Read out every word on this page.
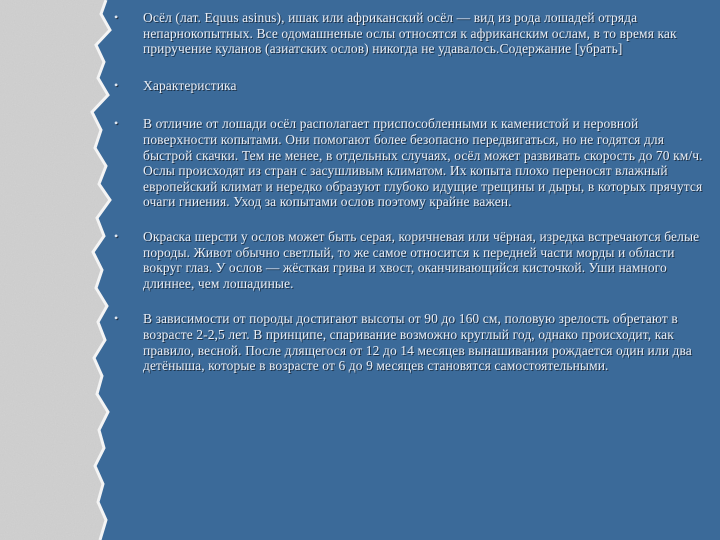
• Осёл (лат. Equus asinus), ишак или африканский осёл — вид из рода лошадей отряда непарнокопытных. Все одомашненые ослы относятся к африканским ослам, в то время как приручение куланов (азиатских ослов) никогда не удавалось.Содержание [убрать]
• Характеристика
• В отличие от лошади осёл располагает приспособленными к каменистой и неровной поверхности копытами. Они помогают более безопасно передвигаться, но не годятся для быстрой скачки. Тем не менее, в отдельных случаях, осёл может развивать скорость до 70 км/ч. Ослы происходят из стран с засушливым климатом. Их копыта плохо переносят влажный европейский климат и нередко образуют глубоко идущие трещины и дыры, в которых прячутся очаги гниения. Уход за копытами ослов поэтому крайне важен.
• Окраска шерсти у ослов может быть серая, коричневая или чёрная, изредка встречаются белые породы. Живот обычно светлый, то же самое относится к передней части морды и области вокруг глаз. У ослов — жёсткая грива и хвост, оканчивающийся кисточкой. Уши намного длиннее, чем лошадиные.
• В зависимости от породы достигают высоты от 90 до 160 см, половую зрелость обретают в возрасте 2-2,5 лет. В принципе, спаривание возможно круглый год, однако происходит, как правило, весной. После длящегося от 12 до 14 месяцев вынашивания рождается один или два детёныша, которые в возрасте от 6 до 9 месяцев становятся самостоятельными.
